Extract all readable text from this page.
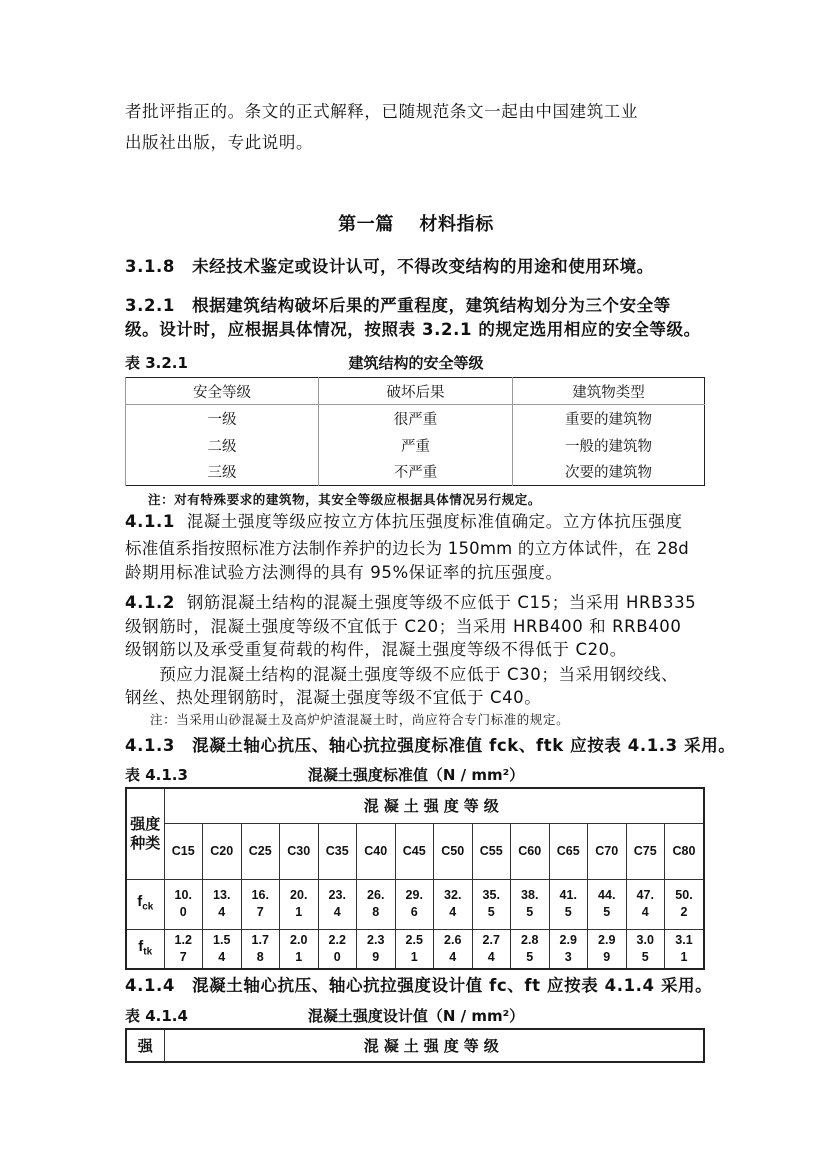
者批评指正的。条文的正式解释，已随规范条文一起由中国建筑工业
出版社出版，专此说明。
第一篇　 材料指标
3.1.8　未经技术鉴定或设计认可，不得改变结构的用途和使用环境。
3.2.1　根据建筑结构破坏后果的严重程度，建筑结构划分为三个安全等
级。设计时，应根据具体情况，按照表 3.2.1 的规定选用相应的安全等级。
表 3.2.1	建筑结构的安全等级
安全等级	破坏后果	建筑物类型
一级	很严重	重要的建筑物
二级	严重	一般的建筑物
三级	不严重	次要的建筑物
注：对有特殊要求的建筑物，其安全等级应根据具体情况另行规定。
4.1.1 混凝土强度等级应按立方体抗压强度标准值确定。立方体抗压强度
标准值系指按照标准方法制作养护的边长为 150mm 的立方体试件，在 28d
龄期用标准试验方法测得的具有 95%保证率的抗压强度。
4.1.2 钢筋混凝土结构的混凝土强度等级不应低于 C15；当采用 HRB335
级钢筋时，混凝土强度等级不宜低于 C20；当采用 HRB400 和 RRB400
级钢筋以及承受重复荷载的构件，混凝土强度等级不得低于 C20。
　　预应力混凝土结构的混凝土强度等级不应低于 C30；当采用钢绞线、
钢丝、热处理钢筋时，混凝土强度等级不宜低于 C40。
注：当采用山砂混凝土及高炉炉渣混凝土时，尚应符合专门标准的规定。
4.1.3　混凝土轴心抗压、轴心抗拉强度标准值 fck、ftk 应按表 4.1.3 采用。
表 4.1.3	混凝土强度标准值（N / mm²）
强度种类	混凝土强度等级													
	C15	C20	C25	C30	C35	C40	C45	C50	C55	C60	C65	C70	C75	C80
$f_{ck}$	10.0	13.4	16.7	20.1	23.4	26.8	29.6	32.4	35.5	38.5	41.5	44.5	47.4	50.2
$f_{tk}$	1.27	1.54	1.78	2.01	2.20	2.39	2.51	2.64	2.74	2.85	2.93	2.99	3.05	3.11
4.1.4　混凝土轴心抗压、轴心抗拉强度设计值 fc、ft 应按表 4.1.4 采用。
表 4.1.4	混凝土强度设计值（N / mm²）
强	混凝土强度等级
